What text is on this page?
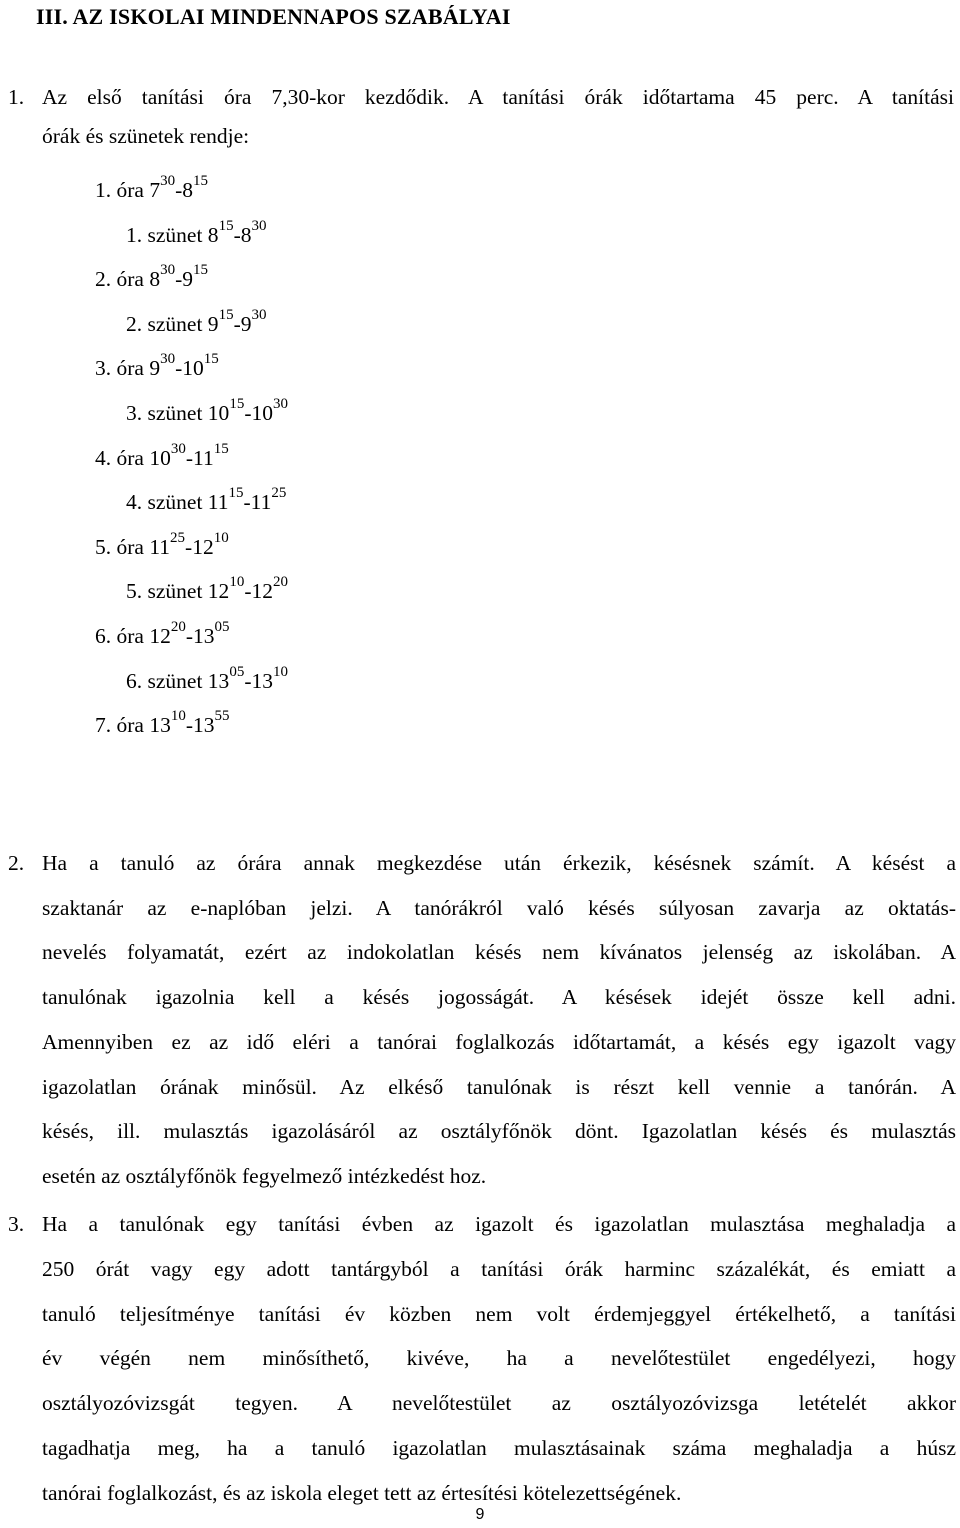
III. AZ ISKOLAI MINDENNAPOS SZABÁLYAI
1. Az első tanítási óra 7,30-kor kezdődik. A tanítási órák időtartama 45 perc. A tanítási
órák és szünetek rendje:
1. óra $7^{30}-8^{15}$
1. szünet $8^{15}-8^{30}$
2. óra $8^{30}-9^{15}$
2. szünet $9^{15}-9^{30}$
3. óra $9^{30}-10^{15}$
3. szünet $10^{15}-10^{30}$
4. óra $10^{30}-11^{15}$
4. szünet $11^{15}-11^{25}$
5. óra $11^{25}-12^{10}$
5. szünet $12^{10}-12^{20}$
6. óra $12^{20}-13^{05}$
6. szünet $13^{05}-13^{10}$
7. óra $13^{10}-13^{55}$
2. Ha a tanuló az órára annak megkezdése után érkezik, késésnek számít. A késést a
szaktanár az e-naplóban jelzi. A tanórákról való késés súlyosan zavarja az oktatás-
nevelés folyamatát, ezért az indokolatlan késés nem kívánatos jelenség az iskolában. A
tanulónak igazolnia kell a késés jogosságát. A késések idejét össze kell adni.
Amennyiben ez az idő eléri a tanórai foglalkozás időtartamát, a késés egy igazolt vagy
igazolatlan órának minősül. Az elkéső tanulónak is részt kell vennie a tanórán. A
késés, ill. mulasztás igazolásáról az osztályfőnök dönt. Igazolatlan késés és mulasztás
esetén az osztályfőnök fegyelmező intézkedést hoz.
3. Ha a tanulónak egy tanítási évben az igazolt és igazolatlan mulasztása meghaladja a
250 órát vagy egy adott tantárgyból a tanítási órák harminc százalékát, és emiatt a
tanuló teljesítménye tanítási év közben nem volt érdemjeggyel értékelhető, a tanítási
év végén nem minősíthető, kivéve, ha a nevelőtestület engedélyezi, hogy
osztályozóvizsgát tegyen. A nevelőtestület az osztályozóvizsga letételét akkor
tagadhatja meg, ha a tanuló igazolatlan mulasztásainak száma meghaladja a húsz
tanórai foglalkozást, és az iskola eleget tett az értesítési kötelezettségének.
9
